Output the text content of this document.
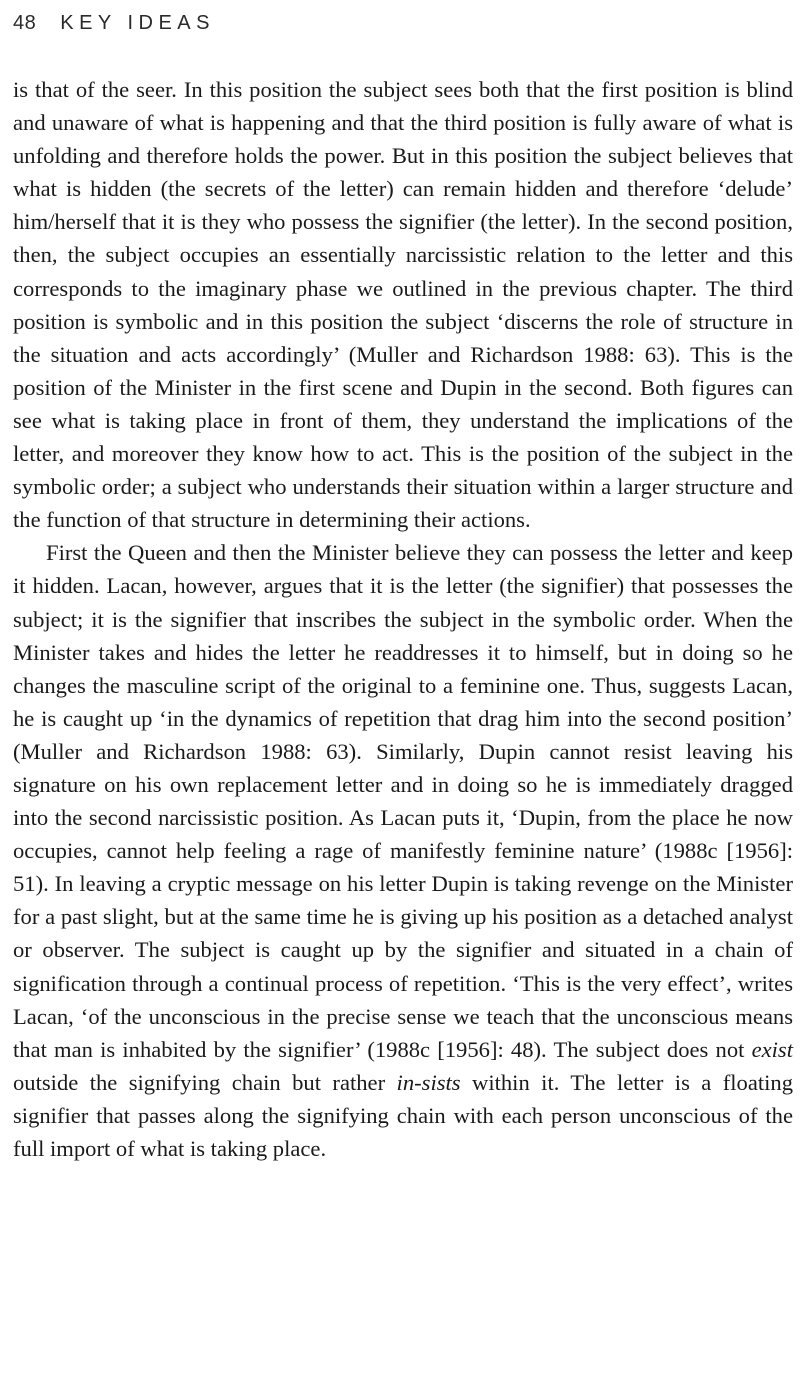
48 KEY IDEAS

is that of the seer. In this position the subject sees both that the first position is blind and unaware of what is happening and that the third position is fully aware of what is unfolding and therefore holds the power. But in this position the subject believes that what is hidden (the secrets of the letter) can remain hidden and therefore ‘delude’ him/herself that it is they who possess the signifier (the letter). In the second position, then, the subject occupies an essentially narcissistic relation to the letter and this corresponds to the imaginary phase we outlined in the previous chapter. The third position is symbolic and in this position the subject ‘discerns the role of structure in the situation and acts accordingly’ (Muller and Richardson 1988: 63). This is the position of the Minister in the first scene and Dupin in the second. Both figures can see what is taking place in front of them, they understand the implications of the letter, and moreover they know how to act. This is the position of the subject in the symbolic order; a subject who understands their situation within a larger structure and the function of that structure in determining their actions.

First the Queen and then the Minister believe they can possess the letter and keep it hidden. Lacan, however, argues that it is the letter (the signifier) that possesses the subject; it is the signifier that inscribes the subject in the symbolic order. When the Minister takes and hides the letter he readdresses it to himself, but in doing so he changes the masculine script of the original to a feminine one. Thus, suggests Lacan, he is caught up ‘in the dynamics of repetition that drag him into the second position’ (Muller and Richardson 1988: 63). Similarly, Dupin cannot resist leaving his signature on his own replacement letter and in doing so he is immediately dragged into the second narcissistic position. As Lacan puts it, ‘Dupin, from the place he now occupies, cannot help feeling a rage of manifestly feminine nature’ (1988c [1956]: 51). In leaving a cryptic message on his letter Dupin is taking revenge on the Minister for a past slight, but at the same time he is giving up his position as a detached analyst or observer. The subject is caught up by the signifier and situated in a chain of signification through a continual process of repetition. ‘This is the very effect’, writes Lacan, ‘of the unconscious in the precise sense we teach that the unconscious means that man is inhabited by the signifier’ (1988c [1956]: 48). The subject does not exist outside the signifying chain but rather in-sists within it. The letter is a floating signifier that passes along the signifying chain with each person unconscious of the full import of what is taking place.
